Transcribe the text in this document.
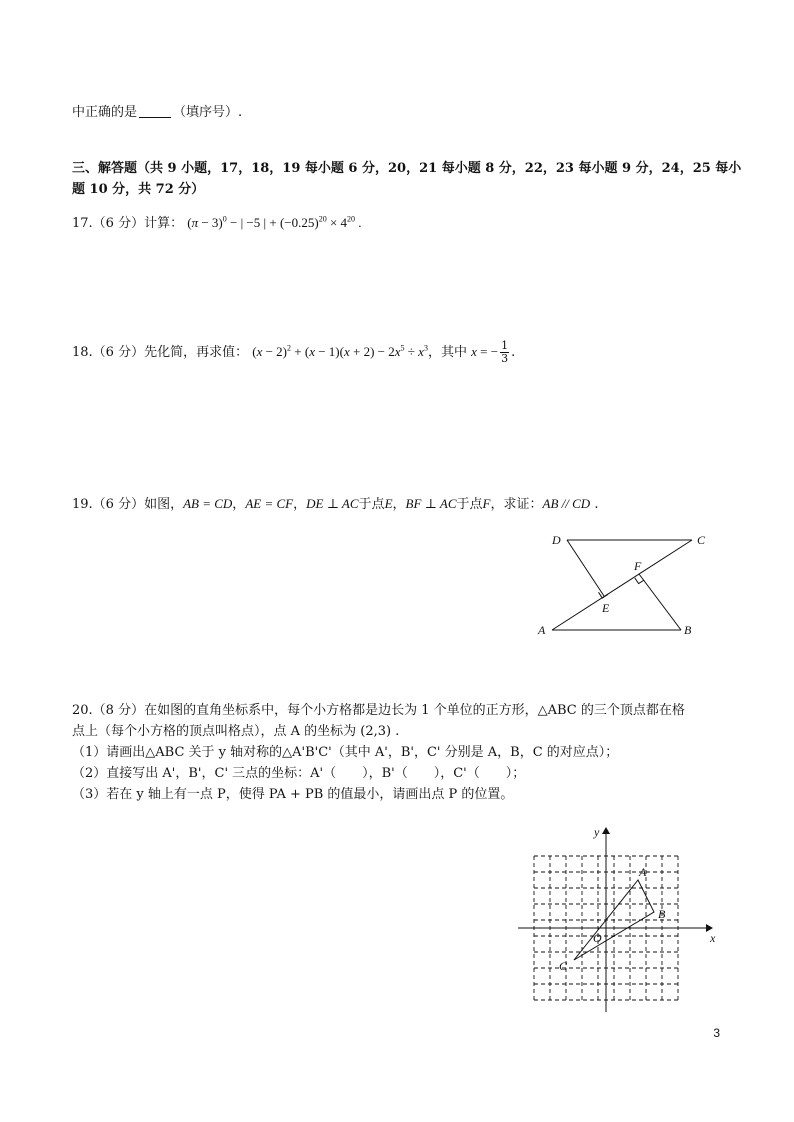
中正确的是	（填序号）.
三、解答题（共 9 小题，17，18，19 每小题 6 分，20，21 每小题 8 分，22，23 每小题 9 分，24，25 每小
题 10 分，共 72 分）
17.（6 分）计算： $(\pi - 3)^0$ − | −5 | + $(-0.25)^{20} \times 4^{20}$ .
18.（6 分）先化简，再求值： $(x - 2)^2 + (x - 1)(x + 2) - 2x^5 \div x^3$，其中 x = − $\frac{1}{3}$ .
19.（6 分）如图，AB = CD，AE = CF，DE ⊥ AC于点E，BF ⊥ AC于点F，求证：AB // CD .
D	C
F
E
A	B
20.（8 分）在如图的直角坐标系中，每个小方格都是边长为 1 个单位的正方形，△ABC 的三个顶点都在格
点上（每个小方格的顶点叫格点），点 A 的坐标为 (2,3) .
（1）请画出△ABC 关于 y 轴对称的△A'B'C'（其中 A'，B'，C' 分别是 A，B，C 的对应点）；
（2）直接写出 A'，B'，C' 三点的坐标：A'（　　），B'（　　），C'（　　）；
（3）若在 y 轴上有一点 P，使得 PA + PB 的值最小，请画出点 P 的位置。
x
y
O
A
B
C
3
